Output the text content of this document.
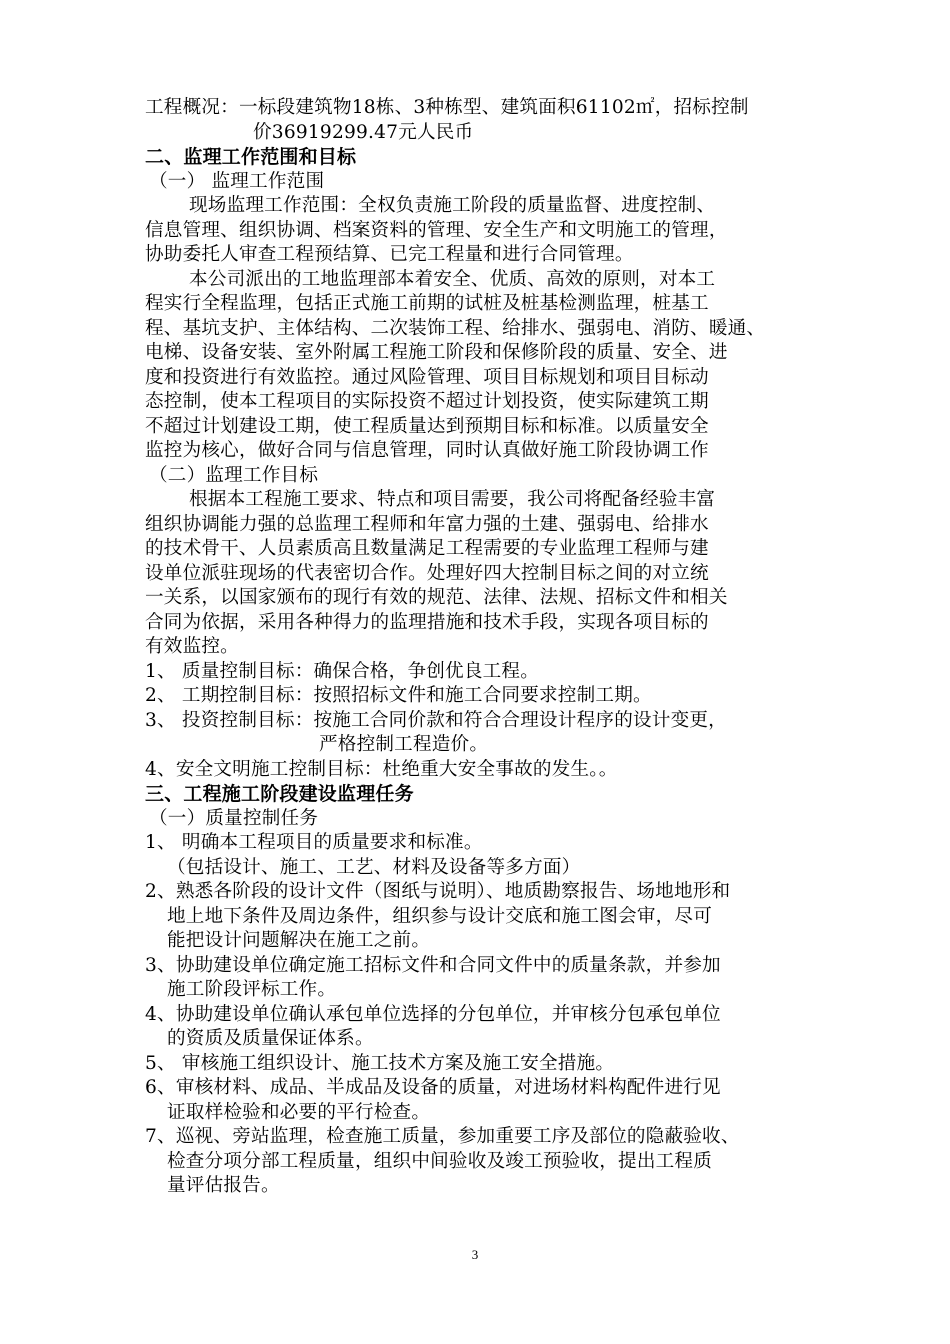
工程概况：一标段建筑物18栋、3种栋型、建筑面积61102㎡，招标控制
价36919299.47元人民币
二、监理工作范围和目标
（一） 监理工作范围
现场监理工作范围：全权负责施工阶段的质量监督、进度控制、
信息管理、组织协调、档案资料的管理、安全生产和文明施工的管理，
协助委托人审查工程预结算、已完工程量和进行合同管理。
本公司派出的工地监理部本着安全、优质、高效的原则，对本工
程实行全程监理，包括正式施工前期的试桩及桩基检测监理，桩基工
程、基坑支护、主体结构、二次装饰工程、给排水、强弱电、消防、暖通、
电梯、设备安装、室外附属工程施工阶段和保修阶段的质量、安全、进
度和投资进行有效监控。通过风险管理、项目目标规划和项目目标动
态控制，使本工程项目的实际投资不超过计划投资，使实际建筑工期
不超过计划建设工期，使工程质量达到预期目标和标准。以质量安全
监控为核心，做好合同与信息管理，同时认真做好施工阶段协调工作
（二）监理工作目标
根据本工程施工要求、特点和项目需要，我公司将配备经验丰富
组织协调能力强的总监理工程师和年富力强的土建、强弱电、给排水
的技术骨干、人员素质高且数量满足工程需要的专业监理工程师与建
设单位派驻现场的代表密切合作。处理好四大控制目标之间的对立统
一关系，以国家颁布的现行有效的规范、法律、法规、招标文件和相关
合同为依据，采用各种得力的监理措施和技术手段，实现各项目标的
有效监控。
1、 质量控制目标：确保合格，争创优良工程。
2、 工期控制目标：按照招标文件和施工合同要求控制工期。
3、 投资控制目标：按施工合同价款和符合合理设计程序的设计变更，
严格控制工程造价。
4、安全文明施工控制目标：杜绝重大安全事故的发生。。
三、工程施工阶段建设监理任务
（一）质量控制任务
1、 明确本工程项目的质量要求和标准。
（包括设计、施工、工艺、材料及设备等多方面）
2、熟悉各阶段的设计文件（图纸与说明）、地质勘察报告、场地地形和
地上地下条件及周边条件，组织参与设计交底和施工图会审，尽可
能把设计问题解决在施工之前。
3、协助建设单位确定施工招标文件和合同文件中的质量条款，并参加
施工阶段评标工作。
4、协助建设单位确认承包单位选择的分包单位，并审核分包承包单位
的资质及质量保证体系。
5、 审核施工组织设计、施工技术方案及施工安全措施。
6、审核材料、成品、半成品及设备的质量，对进场材料构配件进行见
证取样检验和必要的平行检查。
7、巡视、旁站监理，检查施工质量，参加重要工序及部位的隐蔽验收、
检查分项分部工程质量，组织中间验收及竣工预验收，提出工程质
量评估报告。
3
